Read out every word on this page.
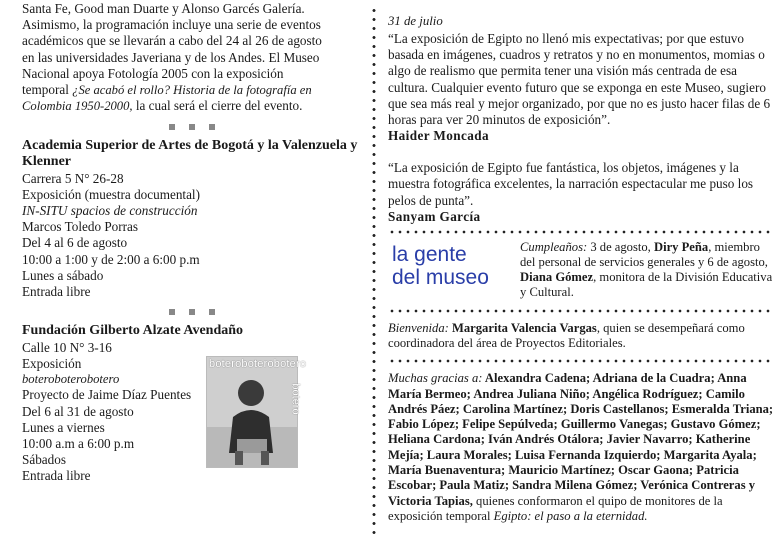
Santa Fe, Good man Duarte y Alonso Garcés Galería.

Asimismo, la programación incluye una serie de eventos

académicos que se llevarán a cabo del 24 al 26 de agosto

en las universidades Javeriana y de los Andes. El Museo

Nacional apoya Fotología 2005 con la exposición

temporal ¿Se acabó el rollo? Historia de la fotografía en

Colombia 1950-2000, la cual será el cierre del evento.

Academia Superior de Artes de Bogotá y la Valenzuela y Klenner

Carrera 5 N° 26-28

Exposición (muestra documental)

IN-SITU spacios de construcción

Marcos Toledo Porras

Del 4 al 6 de agosto

10:00 a 1:00 y de 2:00 a 6:00 p.m

Lunes a sábado

Entrada libre

Fundación Gilberto Alzate Avendaño

Calle 10 N° 3-16

Exposición

boteroboterobotero

Proyecto de Jaime Díaz Puentes

Del 6 al 31 de agosto

Lunes a viernes

10:00 a.m a 6:00 p.m

Sábados

Entrada libre

boteroboterobotero
botero

31 de julio

“La exposición de Egipto no llenó mis expectativas; por que estuvo basada en imágenes, cuadros y retratos y no en monumentos, momias o algo de realismo que permita tener una visión más centrada de esa cultura. Cualquier evento futuro que se exponga en este Museo, sugiero que sea más real y mejor organizado, por que no es justo hacer filas de 6 horas para ver 20 minutos de exposición”.

Haider Moncada

“La exposición de Egipto fue fantástica, los objetos, imágenes y la muestra fotográfica excelentes, la narración espectacular me puso los pelos de punta”.

Sanyam García

la gente
del museo
Cumpleaños: 3 de agosto, Diry Peña, miembro del personal de servicios generales y 6 de agosto, Diana Gómez, monitora de la División Educativa y Cultural.

Bienvenida: Margarita Valencia Vargas, quien se desempeñará como coordinadora del área de Proyectos Editoriales.

Muchas gracias a: Alexandra Cadena; Adriana de la Cuadra; Anna María Bermeo; Andrea Juliana Niño; Angélica Rodríguez; Camilo Andrés Páez; Carolina Martínez; Doris Castellanos; Esmeralda Triana; Fabio López; Felipe Sepúlveda; Guillermo Vanegas; Gustavo Gómez; Heliana Cardona; Iván Andrés Otálora; Javier Navarro; Katherine Mejía; Laura Morales; Luisa Fernanda Izquierdo; Margarita Ayala; María Buenaventura; Mauricio Martínez; Oscar Gaona; Patricia Escobar; Paula Matiz; Sandra Milena Gómez; Verónica Contreras y Victoria Tapias, quienes conformaron el quipo de monitores de la exposición temporal Egipto: el paso a la eternidad.
